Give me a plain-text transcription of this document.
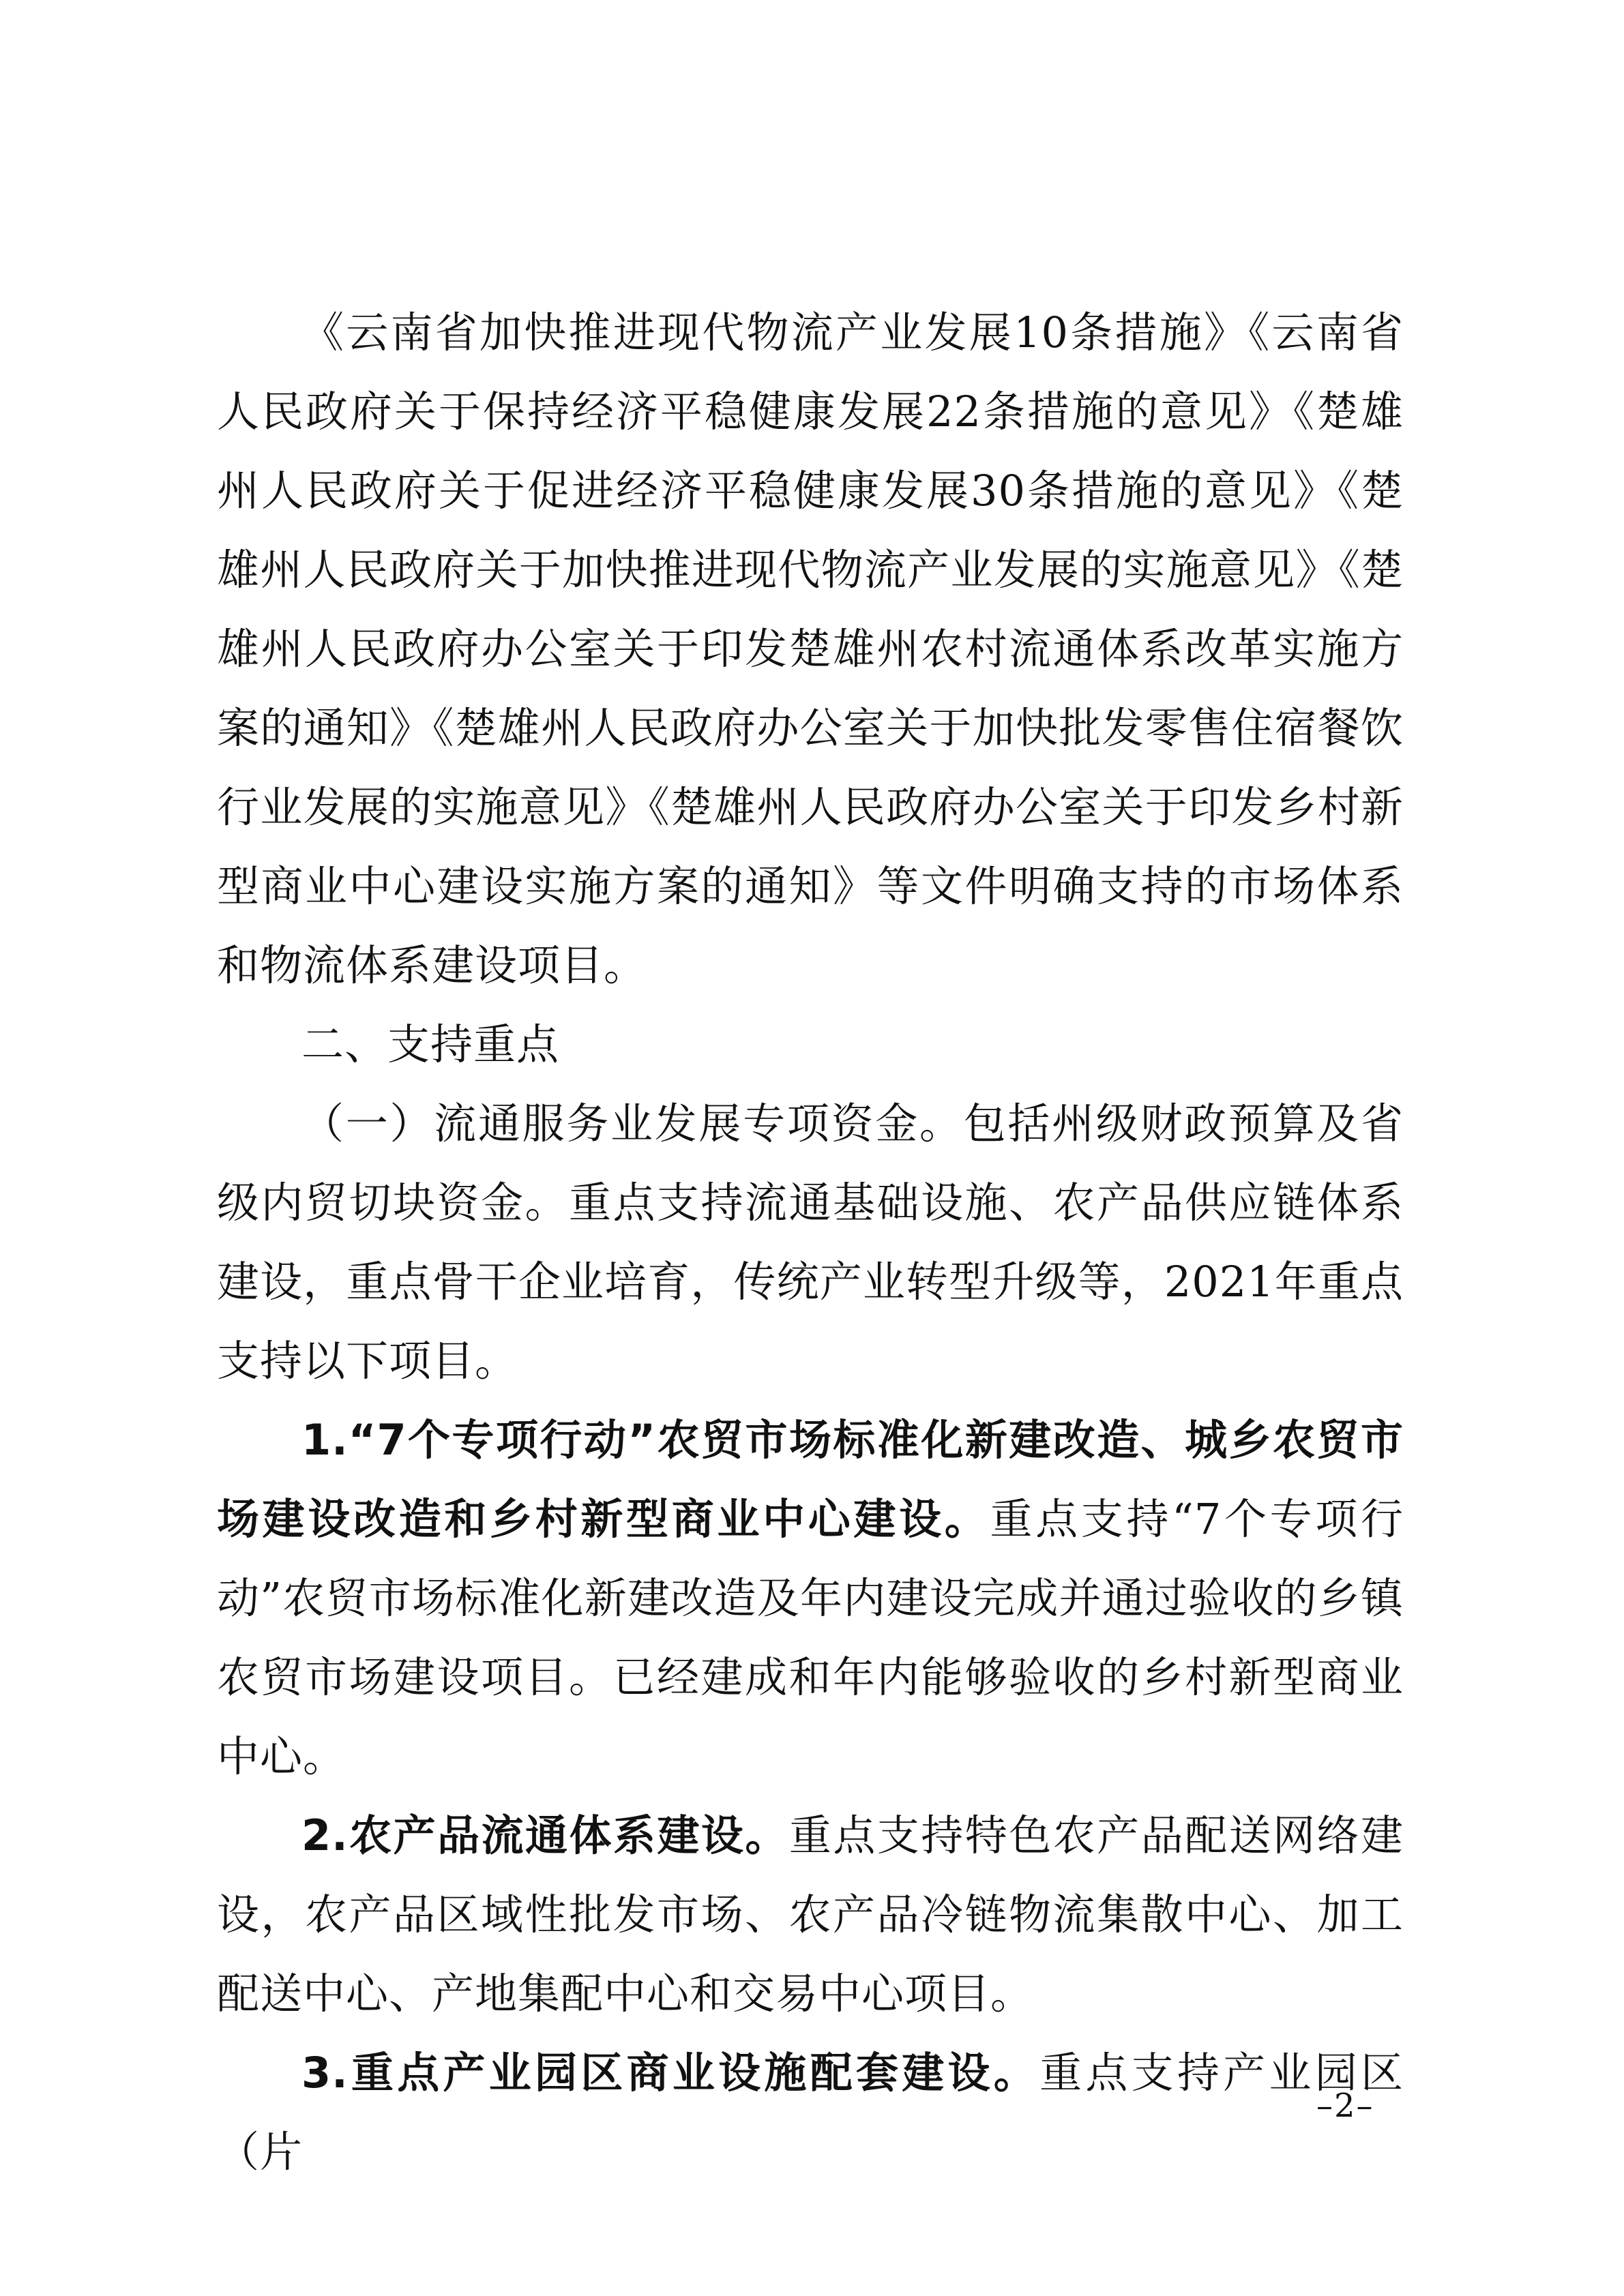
《云南省加快推进现代物流产业发展10条措施》《云南省人民政府关于保持经济平稳健康发展22条措施的意见》《楚雄州人民政府关于促进经济平稳健康发展30条措施的意见》《楚雄州人民政府关于加快推进现代物流产业发展的实施意见》《楚雄州人民政府办公室关于印发楚雄州农村流通体系改革实施方案的通知》《楚雄州人民政府办公室关于加快批发零售住宿餐饮行业发展的实施意见》《楚雄州人民政府办公室关于印发乡村新型商业中心建设实施方案的通知》等文件明确支持的市场体系和物流体系建设项目。

二、支持重点

（一）流通服务业发展专项资金。包括州级财政预算及省级内贸切块资金。重点支持流通基础设施、农产品供应链体系建设，重点骨干企业培育，传统产业转型升级等，2021年重点支持以下项目。

1.“7个专项行动”农贸市场标准化新建改造、城乡农贸市场建设改造和乡村新型商业中心建设。重点支持“7个专项行动”农贸市场标准化新建改造及年内建设完成并通过验收的乡镇农贸市场建设项目。已经建成和年内能够验收的乡村新型商业中心。

2.农产品流通体系建设。重点支持特色农产品配送网络建设，农产品区域性批发市场、农产品冷链物流集散中心、加工配送中心、产地集配中心和交易中心项目。

3.重点产业园区商业设施配套建设。重点支持产业园区（片

–2–
